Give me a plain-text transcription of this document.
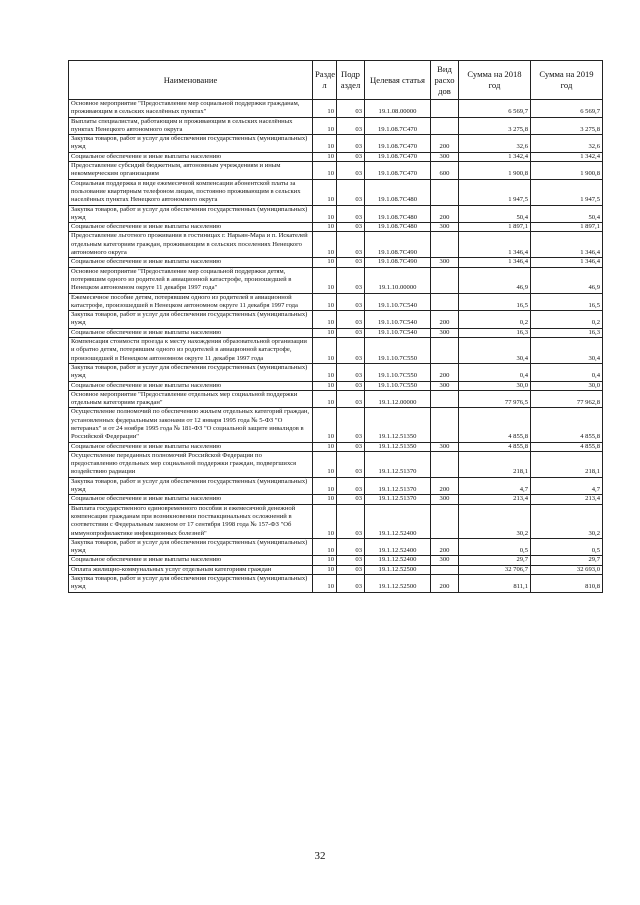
Наименование	Разде л	Подр аздел	Целевая статья	Вид расхо дов	Сумма на 2018 год	Сумма на 2019 год
Основное мероприятие "Предоставление мер социальной поддержки гражданам, проживающим в сельских населённых пунктах"	10	03	19.1.08.00000		6 569,7	6 569,7
Выплаты специалистам, работающим и проживающим в сельских населённых пунктах Ненецкого автономного округа	10	03	19.1.08.7С470		3 275,8	3 275,8
Закупка товаров, работ и услуг для обеспечения государственных (муниципальных) нужд	10	03	19.1.08.7С470	200	32,6	32,6
Социальное обеспечение и иные выплаты населению	10	03	19.1.08.7С470	300	1 342,4	1 342,4
Предоставление субсидий бюджетным, автономным учреждениям и иным некоммерческим организациям	10	03	19.1.08.7С470	600	1 900,8	1 900,8
Социальная поддержка в виде ежемесячной компенсации абонентской платы за пользование квартирным телефоном лицам, постоянно проживающим в сельских населённых пунктах Ненецкого автономного округа	10	03	19.1.08.7С480		1 947,5	1 947,5
Закупка товаров, работ и услуг для обеспечения государственных (муниципальных) нужд	10	03	19.1.08.7С480	200	50,4	50,4
Социальное обеспечение и иные выплаты населению	10	03	19.1.08.7С480	300	1 897,1	1 897,1
Предоставление льготного проживания в гостиницах г. Нарьян-Мара и п. Искателей отдельным категориям граждан, проживающим в сельских поселениях Ненецкого автономного округа	10	03	19.1.08.7С490		1 346,4	1 346,4
Социальное обеспечение и иные выплаты населению	10	03	19.1.08.7С490	300	1 346,4	1 346,4
Основное мероприятие "Предоставление мер социальной поддержки детям, потерявшим одного из родителей в авиационной катастрофе, произошедшей в Ненецком автономном округе 11 декабря 1997 года"	10	03	19.1.10.00000		46,9	46,9
Ежемесячное пособие детям, потерявшим одного из родителей в авиационной катастрофе, произошедшей в Ненецком автономном округе 11 декабря 1997 года	10	03	19.1.10.7С540		16,5	16,5
Закупка товаров, работ и услуг для обеспечения государственных (муниципальных) нужд	10	03	19.1.10.7С540	200	0,2	0,2
Социальное обеспечение и иные выплаты населению	10	03	19.1.10.7С540	300	16,3	16,3
Компенсация стоимости проезда к месту нахождения образовательной организации и обратно детям, потерявшим одного из родителей в авиационной катастрофе, произошедшей в Ненецком автономном округе 11 декабря 1997 года	10	03	19.1.10.7С550		30,4	30,4
Закупка товаров, работ и услуг для обеспечения государственных (муниципальных) нужд	10	03	19.1.10.7С550	200	0,4	0,4
Социальное обеспечение и иные выплаты населению	10	03	19.1.10.7С550	300	30,0	30,0
Основное мероприятие "Предоставление отдельных мер социальной поддержки отдельным категориям граждан"	10	03	19.1.12.00000		77 976,5	77 962,8
Осуществление полномочий по обеспечению жильем отдельных категорий граждан, установленных федеральными законами от 12 января 1995 года № 5-ФЗ "О ветеранах" и от 24 ноября 1995 года № 181-ФЗ "О социальной защите инвалидов в Российской Федерации"	10	03	19.1.12.51350		4 855,8	4 855,8
Социальное обеспечение и иные выплаты населению	10	03	19.1.12.51350	300	4 855,8	4 855,8
Осуществление переданных полномочий Российской Федерации по предоставлению отдельных мер социальной поддержки граждан, подвергшихся воздействию радиации	10	03	19.1.12.51370		218,1	218,1
Закупка товаров, работ и услуг для обеспечения государственных (муниципальных) нужд	10	03	19.1.12.51370	200	4,7	4,7
Социальное обеспечение и иные выплаты населению	10	03	19.1.12.51370	300	213,4	213,4
Выплата государственного единовременного пособия и ежемесячной денежной компенсации гражданам при возникновении поствакцинальных осложнений в соответствии с Федеральным законом от 17 сентября 1998 года № 157-ФЗ "Об иммунопрофилактике инфекционных болезней"	10	03	19.1.12.52400		30,2	30,2
Закупка товаров, работ и услуг для обеспечения государственных (муниципальных) нужд	10	03	19.1.12.52400	200	0,5	0,5
Социальное обеспечение и иные выплаты населению	10	03	19.1.12.52400	300	29,7	29,7
Оплата жилищно-коммунальных услуг отдельным категориям граждан	10	03	19.1.12.52500		32 706,7	32 693,0
Закупка товаров, работ и услуг для обеспечения государственных (муниципальных) нужд	10	03	19.1.12.52500	200	811,1	810,8
32
